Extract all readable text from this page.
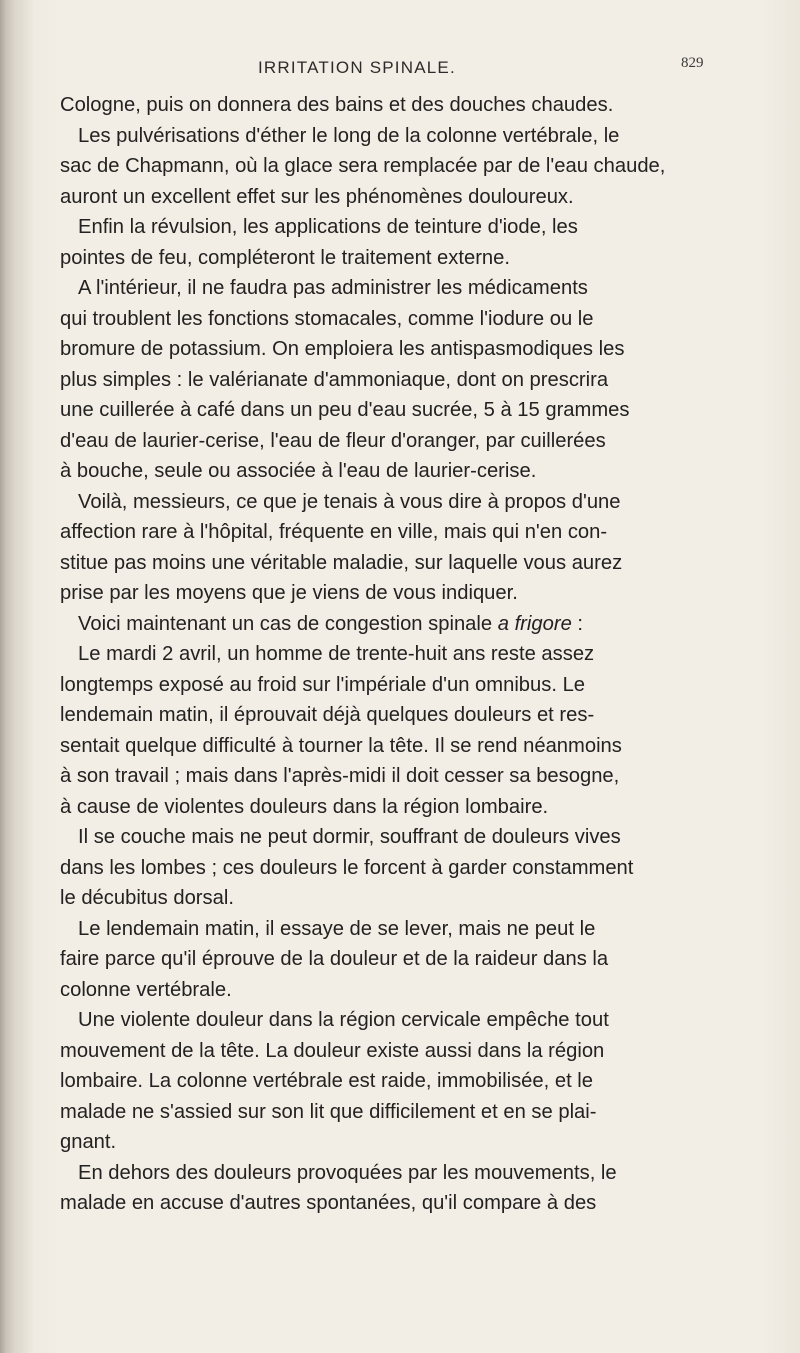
IRRITATION SPINALE.	829
Cologne, puis on donnera des bains et des douches chaudes.
Les pulvérisations d'éther le long de la colonne vertébrale, le
sac de Chapmann, où la glace sera remplacée par de l'eau chaude,
auront un excellent effet sur les phénomènes douloureux.
Enfin la révulsion, les applications de teinture d'iode, les
pointes de feu, compléteront le traitement externe.
A l'intérieur, il ne faudra pas administrer les médicaments
qui troublent les fonctions stomacales, comme l'iodure ou le
bromure de potassium. On emploiera les antispasmodiques les
plus simples : le valérianate d'ammoniaque, dont on prescrira
une cuillerée à café dans un peu d'eau sucrée, 5 à 15 grammes
d'eau de laurier-cerise, l'eau de fleur d'oranger, par cuillerées
à bouche, seule ou associée à l'eau de laurier-cerise.
Voilà, messieurs, ce que je tenais à vous dire à propos d'une
affection rare à l'hôpital, fréquente en ville, mais qui n'en con-
stitue pas moins une véritable maladie, sur laquelle vous aurez
prise par les moyens que je viens de vous indiquer.
Voici maintenant un cas de congestion spinale a frigore :
Le mardi 2 avril, un homme de trente-huit ans reste assez
longtemps exposé au froid sur l'impériale d'un omnibus. Le
lendemain matin, il éprouvait déjà quelques douleurs et res-
sentait quelque difficulté à tourner la tête. Il se rend néanmoins
à son travail ; mais dans l'après-midi il doit cesser sa besogne,
à cause de violentes douleurs dans la région lombaire.
Il se couche mais ne peut dormir, souffrant de douleurs vives
dans les lombes ; ces douleurs le forcent à garder constamment
le décubitus dorsal.
Le lendemain matin, il essaye de se lever, mais ne peut le
faire parce qu'il éprouve de la douleur et de la raideur dans la
colonne vertébrale.
Une violente douleur dans la région cervicale empêche tout
mouvement de la tête. La douleur existe aussi dans la région
lombaire. La colonne vertébrale est raide, immobilisée, et le
malade ne s'assied sur son lit que difficilement et en se plai-
gnant.
En dehors des douleurs provoquées par les mouvements, le
malade en accuse d'autres spontanées, qu'il compare à des
